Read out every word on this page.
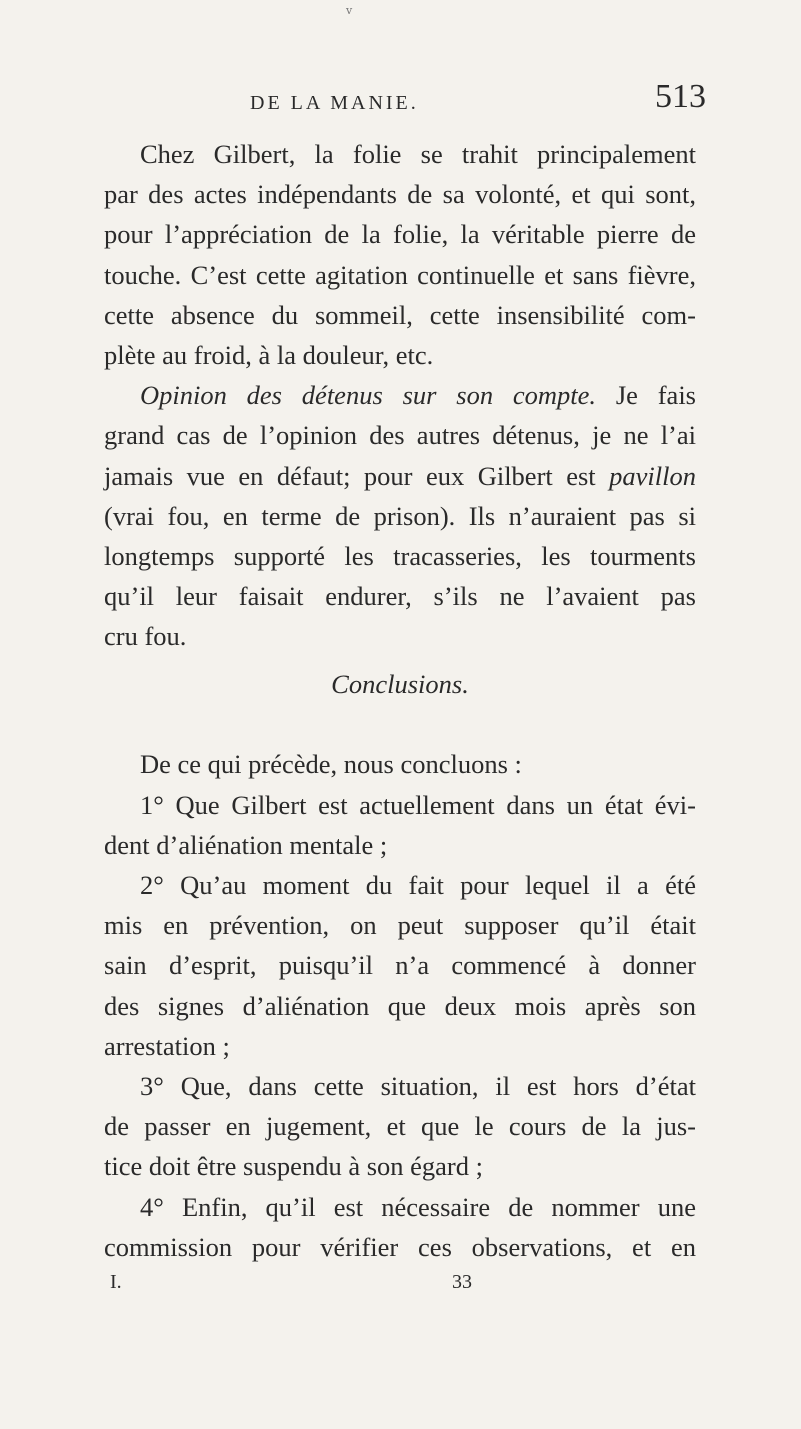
v
DE LA MANIE.	513
Chez Gilbert, la folie se trahit principalement
par des actes indépendants de sa volonté, et qui sont,
pour l’appréciation de la folie, la véritable pierre de
touche. C’est cette agitation continuelle et sans fièvre,
cette absence du sommeil, cette insensibilité com-
plète au froid, à la douleur, etc.
Opinion des détenus sur son compte. Je fais
grand cas de l’opinion des autres détenus, je ne l’ai
jamais vue en défaut; pour eux Gilbert est pavillon
(vrai fou, en terme de prison). Ils n’auraient pas si
longtemps supporté les tracasseries, les tourments
qu’il leur faisait endurer, s’ils ne l’avaient pas
cru fou.
Conclusions.
De ce qui précède, nous concluons :
1° Que Gilbert est actuellement dans un état évi-
dent d’aliénation mentale ;
2° Qu’au moment du fait pour lequel il a été
mis en prévention, on peut supposer qu’il était
sain d’esprit, puisqu’il n’a commencé à donner
des signes d’aliénation que deux mois après son
arrestation ;
3° Que, dans cette situation, il est hors d’état
de passer en jugement, et que le cours de la jus-
tice doit être suspendu à son égard ;
4° Enfin, qu’il est nécessaire de nommer une
commission pour vérifier ces observations, et en
I.	33
